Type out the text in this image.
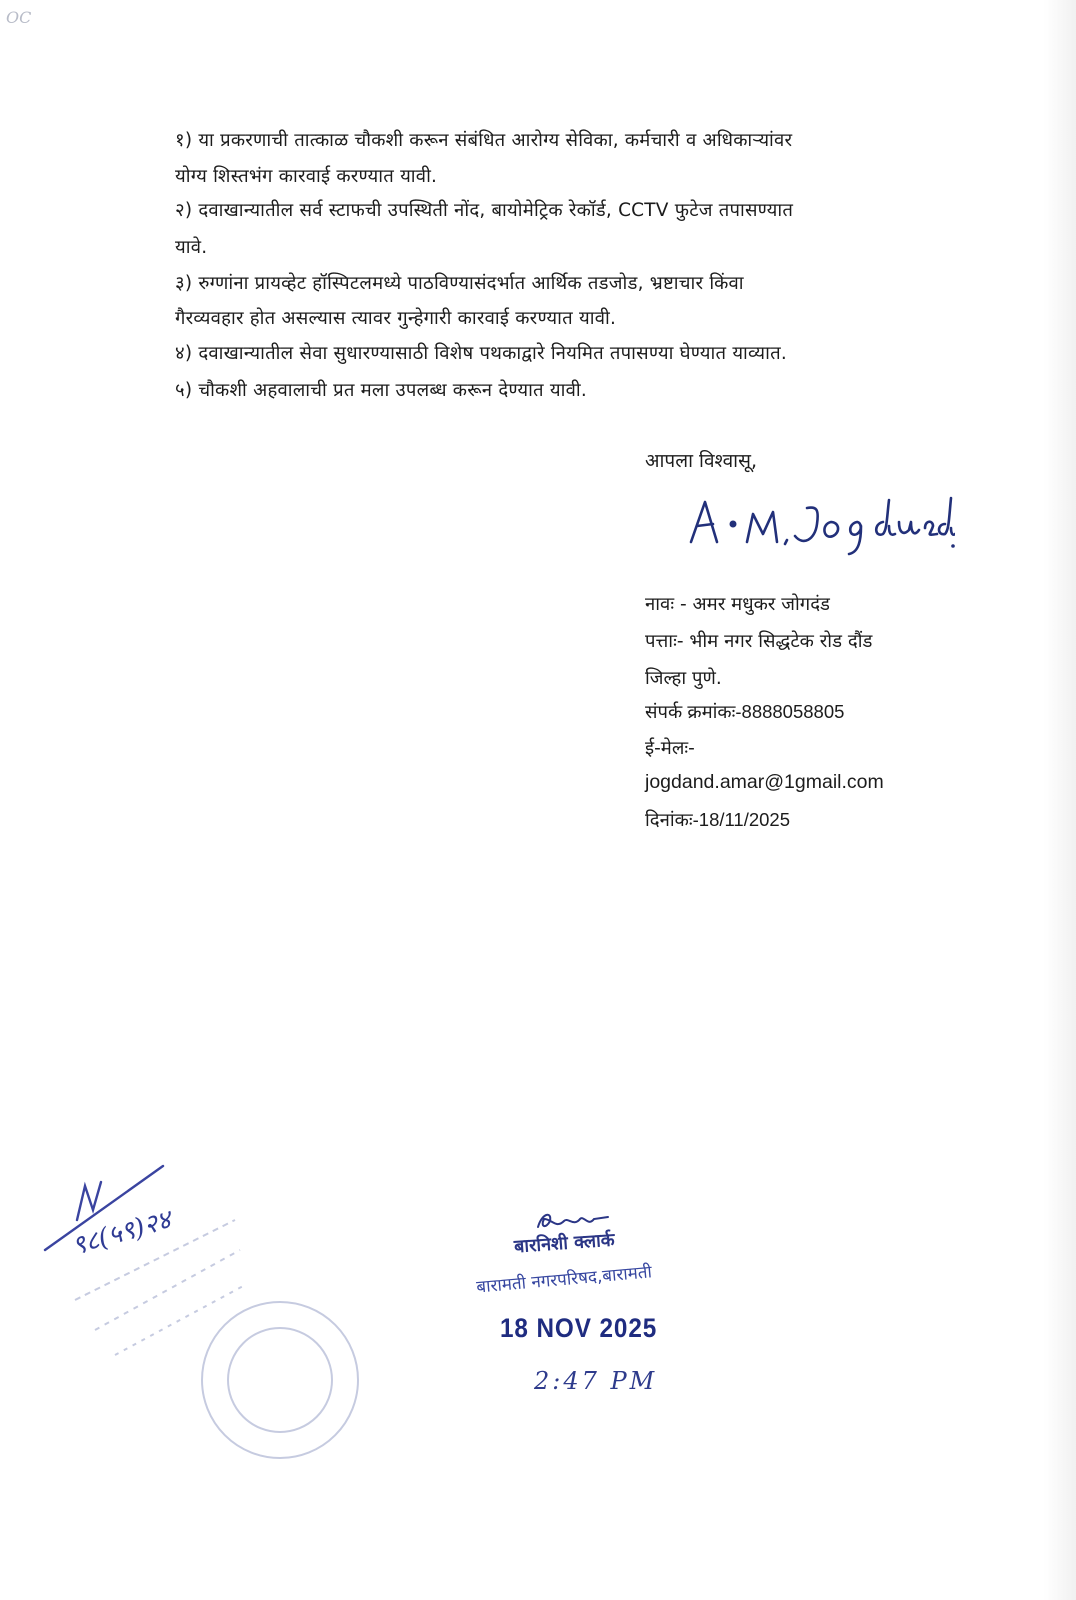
OC
१) या प्रकरणाची तात्काळ चौकशी करून संबंधित आरोग्य सेविका, कर्मचारी व अधिकाऱ्यांवर
योग्य शिस्तभंग कारवाई करण्यात यावी.
२) दवाखान्यातील सर्व स्टाफची उपस्थिती नोंद, बायोमेट्रिक रेकॉर्ड, CCTV फुटेज तपासण्यात
यावे.
३) रुग्णांना प्रायव्हेट हॉस्पिटलमध्ये पाठविण्यासंदर्भात आर्थिक तडजोड, भ्रष्टाचार किंवा
गैरव्यवहार होत असल्यास त्यावर गुन्हेगारी कारवाई करण्यात यावी.
४) दवाखान्यातील सेवा सुधारण्यासाठी विशेष पथकाद्वारे नियमित तपासण्या घेण्यात याव्यात.
५) चौकशी अहवालाची प्रत मला उपलब्ध करून देण्यात यावी.
आपला विश्वासू,
नावः - अमर मधुकर जोगदंड
पत्ताः- भीम नगर सिद्धटेक रोड दौंड
जिल्हा पुणे.
संपर्क क्रमांकः-8888058805
ई-मेलः-
jogdand.amar@1gmail.com
दिनांकः-18/11/2025
९८(५९)२४	बारनिशी क्लार्क
बारामती नगरपरिषद,बारामती
18 NOV 2025
2:47 PM
